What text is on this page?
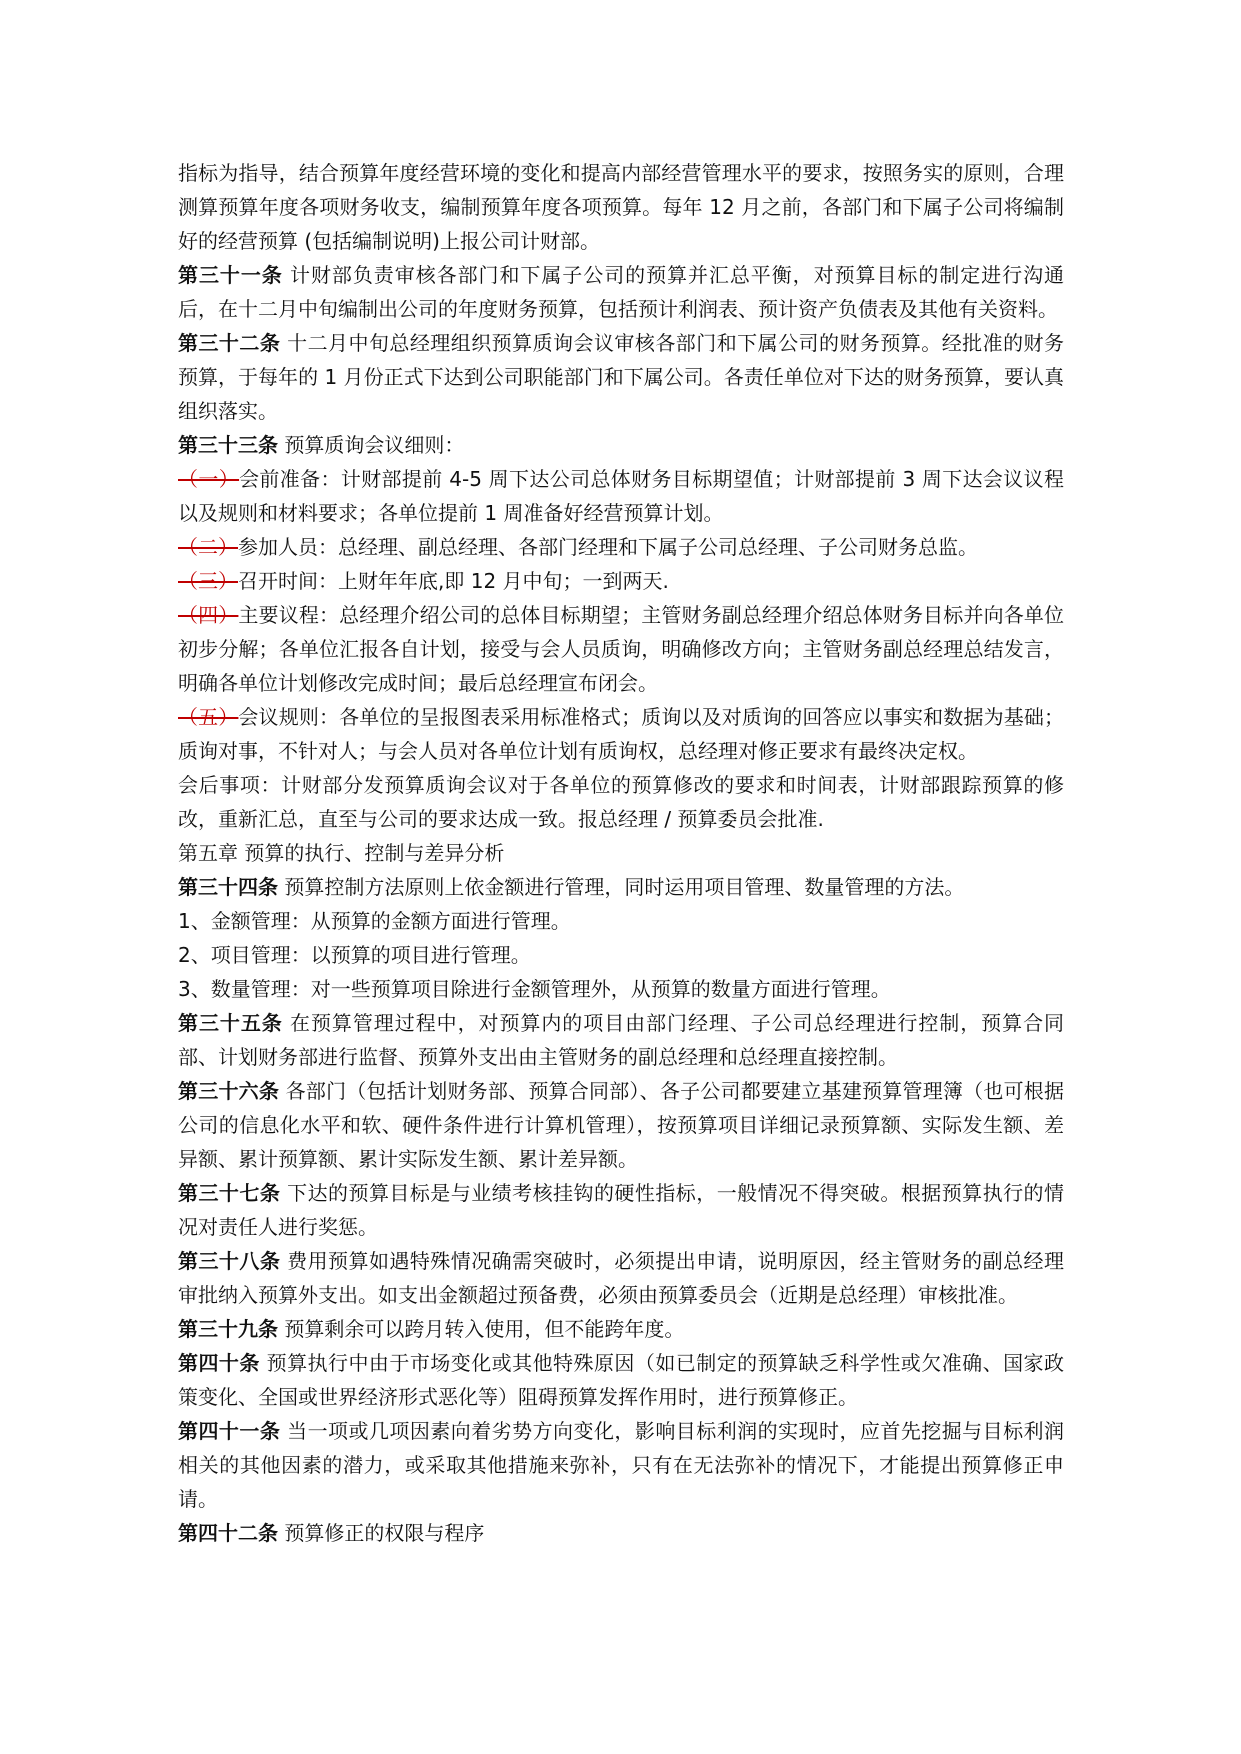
指标为指导，结合预算年度经营环境的变化和提高内部经营管理水平的要求，按照务实的原则，合理测算预算年度各项财务收支，编制预算年度各项预算。每年 12 月之前，各部门和下属子公司将编制好的经营预算 (包括编制说明)上报公司计财部。

第三十一条 计财部负责审核各部门和下属子公司的预算并汇总平衡，对预算目标的制定进行沟通后，在十二月中旬编制出公司的年度财务预算，包括预计利润表、预计资产负债表及其他有关资料。

第三十二条 十二月中旬总经理组织预算质询会议审核各部门和下属公司的财务预算。经批准的财务预算，于每年的 1 月份正式下达到公司职能部门和下属公司。各责任单位对下达的财务预算，要认真组织落实。

第三十三条 预算质询会议细则：

（一）会前准备：计财部提前 4-5 周下达公司总体财务目标期望值；计财部提前 3 周下达会议议程以及规则和材料要求；各单位提前 1 周准备好经营预算计划。

（二）参加人员：总经理、副总经理、各部门经理和下属子公司总经理、子公司财务总监。

（三）召开时间：上财年年底,即 12 月中旬；一到两天.

（四）主要议程：总经理介绍公司的总体目标期望；主管财务副总经理介绍总体财务目标并向各单位初步分解；各单位汇报各自计划，接受与会人员质询，明确修改方向；主管财务副总经理总结发言，明确各单位计划修改完成时间；最后总经理宣布闭会。

（五）会议规则：各单位的呈报图表采用标准格式；质询以及对质询的回答应以事实和数据为基础；质询对事，不针对人；与会人员对各单位计划有质询权，总经理对修正要求有最终决定权。

会后事项：计财部分发预算质询会议对于各单位的预算修改的要求和时间表，计财部跟踪预算的修改，重新汇总，直至与公司的要求达成一致。报总经理 / 预算委员会批准.

第五章 预算的执行、控制与差异分析

第三十四条 预算控制方法原则上依金额进行管理，同时运用项目管理、数量管理的方法。

1、金额管理：从预算的金额方面进行管理。

2、项目管理：以预算的项目进行管理。

3、数量管理：对一些预算项目除进行金额管理外，从预算的数量方面进行管理。

第三十五条 在预算管理过程中，对预算内的项目由部门经理、子公司总经理进行控制，预算合同部、计划财务部进行监督、预算外支出由主管财务的副总经理和总经理直接控制。

第三十六条 各部门（包括计划财务部、预算合同部）、各子公司都要建立基建预算管理簿（也可根据公司的信息化水平和软、硬件条件进行计算机管理），按预算项目详细记录预算额、实际发生额、差异额、累计预算额、累计实际发生额、累计差异额。

第三十七条 下达的预算目标是与业绩考核挂钩的硬性指标，一般情况不得突破。根据预算执行的情况对责任人进行奖惩。

第三十八条 费用预算如遇特殊情况确需突破时，必须提出申请，说明原因，经主管财务的副总经理审批纳入预算外支出。如支出金额超过预备费，必须由预算委员会（近期是总经理）审核批准。

第三十九条 预算剩余可以跨月转入使用，但不能跨年度。

第四十条 预算执行中由于市场变化或其他特殊原因（如已制定的预算缺乏科学性或欠准确、国家政策变化、全国或世界经济形式恶化等）阻碍预算发挥作用时，进行预算修正。

第四十一条 当一项或几项因素向着劣势方向变化，影响目标利润的实现时，应首先挖掘与目标利润相关的其他因素的潜力，或采取其他措施来弥补，只有在无法弥补的情况下，才能提出预算修正申请。

第四十二条 预算修正的权限与程序
